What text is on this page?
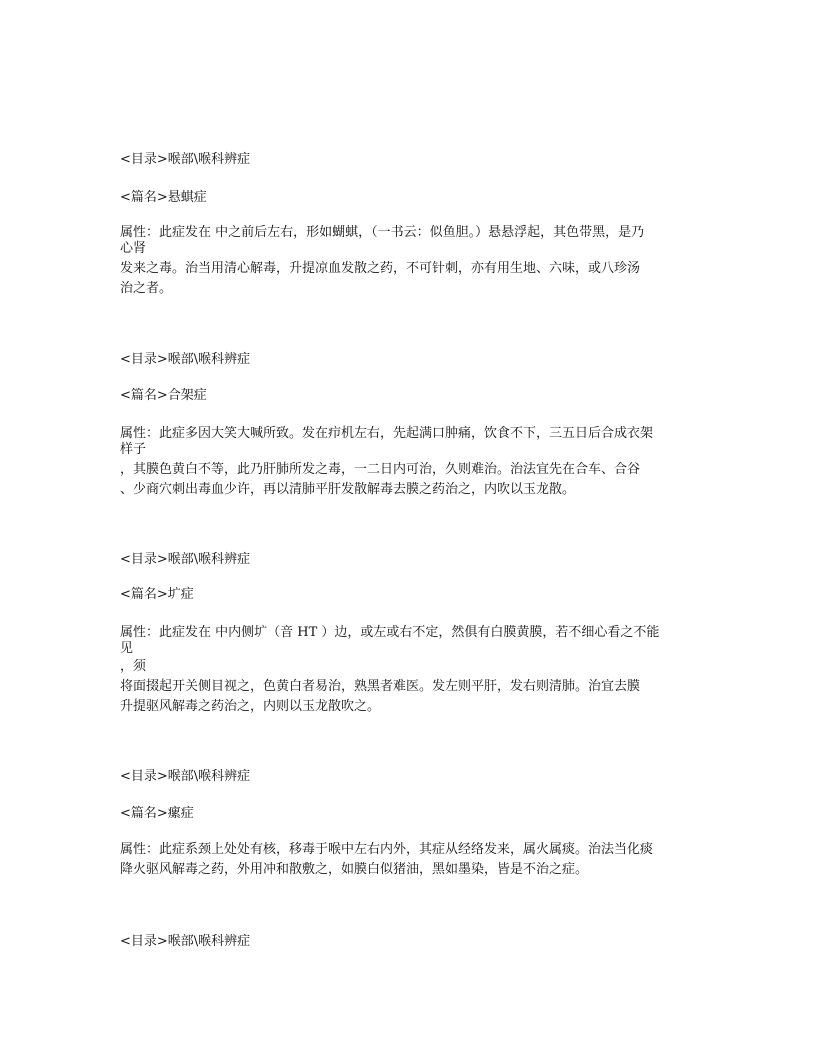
<目录>喉部\喉科辨症
<篇名>悬蜞症
属性：此症发在 中之前后左右，形如蝴蜞，（一书云：似鱼胆。）悬悬浮起，其色带黑，是乃
心肾
发来之毒。治当用清心解毒，升提凉血发散之药，不可针刺，亦有用生地、六味，或八珍汤
治之者。
<目录>喉部\喉科辨症
<篇名>合架症
属性：此症多因大笑大喊所致。发在疖机左右，先起满口肿痛，饮食不下，三五日后合成衣架
样子
，其膜色黄白不等，此乃肝肺所发之毒，一二日内可治，久则难治。治法宜先在合车、合谷
、少商穴刺出毒血少许，再以清肺平肝发散解毒去膜之药治之，内吹以玉龙散。
<目录>喉部\喉科辨症
<篇名>圹症
属性：此症发在 中内侧圹（音 HT ）边，或左或右不定，然俱有白膜黄膜，若不细心看之不能
见
，须
将面掇起开关侧目视之，色黄白者易治，熟黑者难医。发左则平肝，发右则清肺。治宜去膜
升提驱风解毒之药治之，内则以玉龙散吹之。
<目录>喉部\喉科辨症
<篇名>瘰症
属性：此症系颈上处处有核，移毒于喉中左右内外，其症从经络发来，属火属痰。治法当化痰
降火驱风解毒之药，外用冲和散敷之，如膜白似猪油，黑如墨染，皆是不治之症。
<目录>喉部\喉科辨症
